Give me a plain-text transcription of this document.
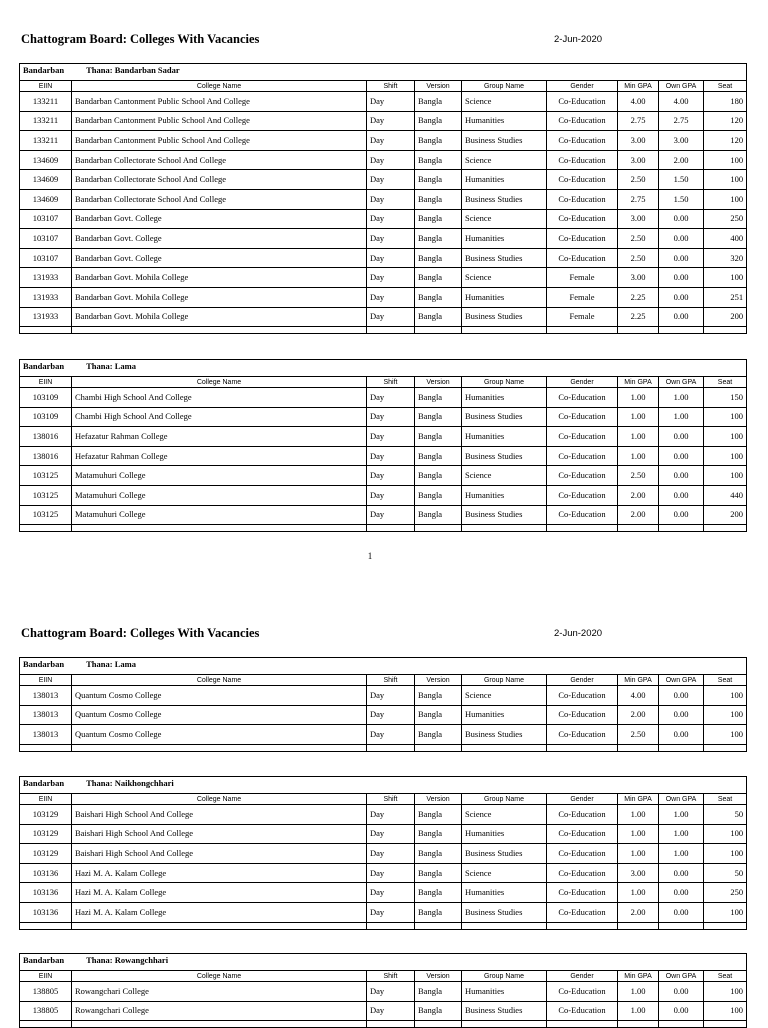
Chattogram Board: Colleges With Vacancies	2-Jun-2020
Bandarban Thana: Bandarban Sadar								
EIIN	College Name	Shift	Version	Group Name	Gender	Min GPA	Own GPA	Seat
133211	Bandarban Cantonment Public School And College	Day	Bangla	Science	Co-Education	4.00	4.00	180
133211	Bandarban Cantonment Public School And College	Day	Bangla	Humanities	Co-Education	2.75	2.75	120
133211	Bandarban Cantonment Public School And College	Day	Bangla	Business Studies	Co-Education	3.00	3.00	120
134609	Bandarban Collectorate School And College	Day	Bangla	Science	Co-Education	3.00	2.00	100
134609	Bandarban Collectorate School And College	Day	Bangla	Humanities	Co-Education	2.50	1.50	100
134609	Bandarban Collectorate School And College	Day	Bangla	Business Studies	Co-Education	2.75	1.50	100
103107	Bandarban Govt. College	Day	Bangla	Science	Co-Education	3.00	0.00	250
103107	Bandarban Govt. College	Day	Bangla	Humanities	Co-Education	2.50	0.00	400
103107	Bandarban Govt. College	Day	Bangla	Business Studies	Co-Education	2.50	0.00	320
131933	Bandarban Govt. Mohila College	Day	Bangla	Science	Female	3.00	0.00	100
131933	Bandarban Govt. Mohila College	Day	Bangla	Humanities	Female	2.25	0.00	251
131933	Bandarban Govt. Mohila College	Day	Bangla	Business Studies	Female	2.25	0.00	200

Bandarban Thana: Lama								
EIIN	College Name	Shift	Version	Group Name	Gender	Min GPA	Own GPA	Seat
103109	Chambi High School And College	Day	Bangla	Humanities	Co-Education	1.00	1.00	150
103109	Chambi High School And College	Day	Bangla	Business Studies	Co-Education	1.00	1.00	100
138016	Hefazatur Rahman College	Day	Bangla	Humanities	Co-Education	1.00	0.00	100
138016	Hefazatur Rahman College	Day	Bangla	Business Studies	Co-Education	1.00	0.00	100
103125	Matamuhuri College	Day	Bangla	Science	Co-Education	2.50	0.00	100
103125	Matamuhuri College	Day	Bangla	Humanities	Co-Education	2.00	0.00	440
103125	Matamuhuri College	Day	Bangla	Business Studies	Co-Education	2.00	0.00	200

1
Chattogram Board: Colleges With Vacancies	2-Jun-2020
Bandarban Thana: Lama								
EIIN	College Name	Shift	Version	Group Name	Gender	Min GPA	Own GPA	Seat
138013	Quantum Cosmo College	Day	Bangla	Science	Co-Education	4.00	0.00	100
138013	Quantum Cosmo College	Day	Bangla	Humanities	Co-Education	2.00	0.00	100
138013	Quantum Cosmo College	Day	Bangla	Business Studies	Co-Education	2.50	0.00	100

Bandarban Thana: Naikhongchhari								
EIIN	College Name	Shift	Version	Group Name	Gender	Min GPA	Own GPA	Seat
103129	Baishari High School And College	Day	Bangla	Science	Co-Education	1.00	1.00	50
103129	Baishari High School And College	Day	Bangla	Humanities	Co-Education	1.00	1.00	100
103129	Baishari High School And College	Day	Bangla	Business Studies	Co-Education	1.00	1.00	100
103136	Hazi M. A. Kalam College	Day	Bangla	Science	Co-Education	3.00	0.00	50
103136	Hazi M. A. Kalam College	Day	Bangla	Humanities	Co-Education	1.00	0.00	250
103136	Hazi M. A. Kalam College	Day	Bangla	Business Studies	Co-Education	2.00	0.00	100

Bandarban Thana: Rowangchhari								
EIIN	College Name	Shift	Version	Group Name	Gender	Min GPA	Own GPA	Seat
138805	Rowangchari College	Day	Bangla	Humanities	Co-Education	1.00	0.00	100
138805	Rowangchari College	Day	Bangla	Business Studies	Co-Education	1.00	0.00	100
